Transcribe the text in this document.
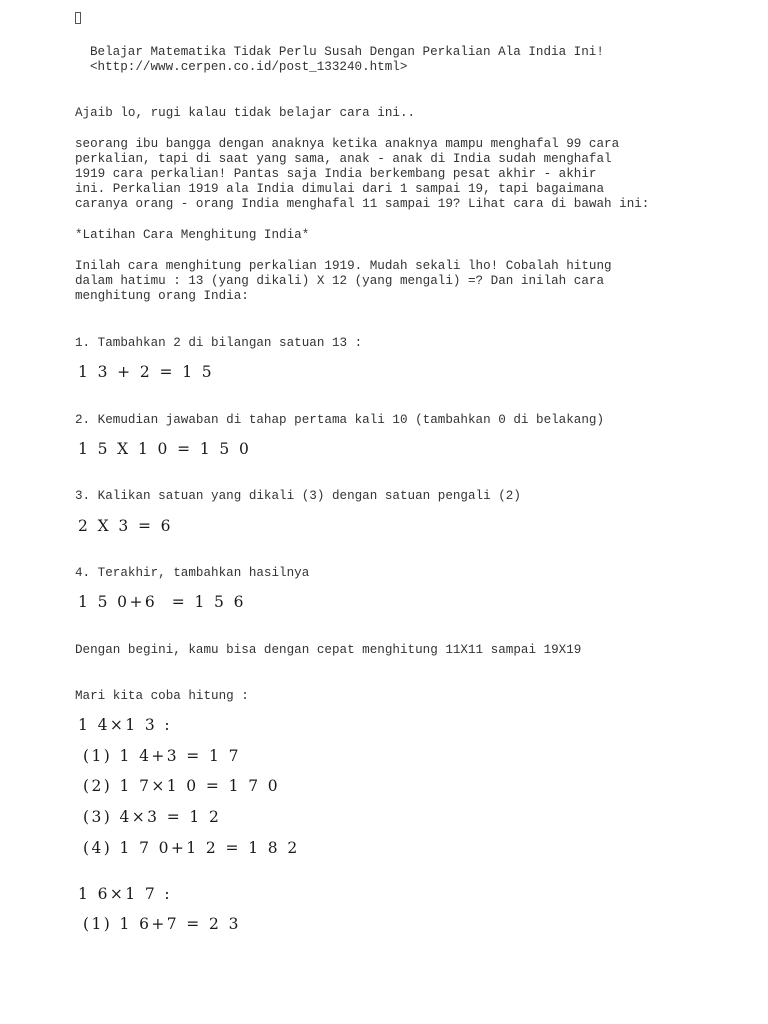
Belajar Matematika Tidak Perlu Susah Dengan Perkalian Ala India Ini!
<http://www.cerpen.co.id/post_133240.html>
Ajaib lo, rugi kalau tidak belajar cara ini..
seorang ibu bangga dengan anaknya ketika anaknya mampu menghafal 99 cara
perkalian, tapi di saat yang sama, anak - anak di India sudah menghafal
1919 cara perkalian! Pantas saja India berkembang pesat akhir - akhir
ini. Perkalian 1919 ala India dimulai dari 1 sampai 19, tapi bagaimana
caranya orang - orang India menghafal 11 sampai 19? Lihat cara di bawah ini:
*Latihan Cara Menghitung India*
Inilah cara menghitung perkalian 1919. Mudah sekali lho! Cobalah hitung
dalam hatimu : 13 (yang dikali) X 12 (yang mengali) =? Dan inilah cara
menghitung orang India:
1. Tambahkan 2 di bilangan satuan 13 :
1 3 + 2 = 1 5
2. Kemudian jawaban di tahap pertama kali 10 (tambahkan 0 di belakang)
1 5 X 1 0 = 1 5 0
3. Kalikan satuan yang dikali (3) dengan satuan pengali (2)
2 X 3 = 6
4. Terakhir, tambahkan hasilnya
1 5 0+6  = 1 5 6
Dengan begini, kamu bisa dengan cepat menghitung 11X11 sampai 19X19
Mari kita coba hitung :
1 4×1 3 :
(1) 1 4+3 = 1 7
(2) 1 7×1 0 = 1 7 0
(3) 4×3 = 1 2
(4) 1 7 0+1 2 = 1 8 2
1 6×1 7 :
(1) 1 6+7 = 2 3
